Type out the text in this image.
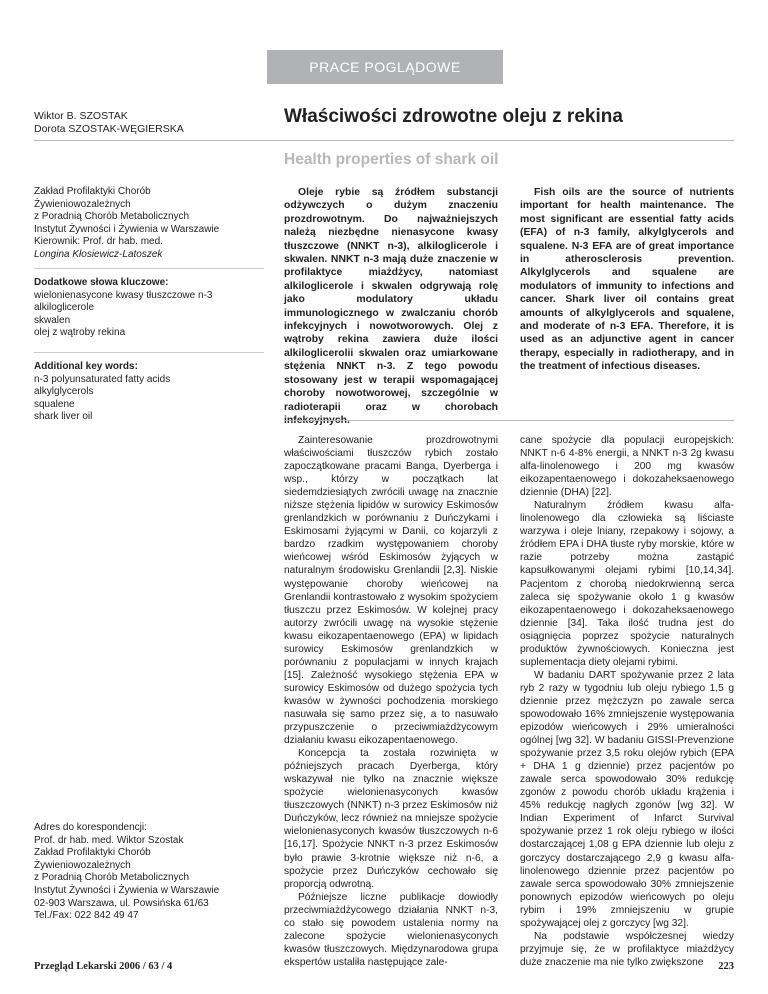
PRACE POGLĄDOWE
Wiktor B. SZOSTAK
Dorota SZOSTAK-WĘGIERSKA
Właściwości zdrowotne oleju z rekina
Health properties of shark oil
Zakład Profilaktyki Chorób
Żywieniowozależnych
z Poradnią Chorób Metabolicznych
Instytut Żywności i Żywienia w Warszawie
Kierownik: Prof. dr hab. med.
Longina Kłosiewicz-Latoszek
Dodatkowe słowa kluczowe:
wielonienasycone kwasy tłuszczowe n-3
alkiloglicerole
skwalen
olej z wątroby rekina
Additional key words:
n-3 polyunsaturated fatty acids
alkylglycerols
squalene
shark liver oil
Adres do korespondencji:
Prof. dr hab. med. Wiktor Szostak
Zakład Profilaktyki Chorób
Żywieniowozależnych
z Poradnią Chorób Metabolicznych
Instytut Żywności i Żywienia w Warszawie
02-903 Warszawa, ul. Powsińska 61/63
Tel./Fax: 022 842 49 47

Oleje rybie są źródłem substancji odżywczych o dużym znaczeniu prozdrowotnym. Do najważniejszych należą niezbędne nienasycone kwasy tłuszczowe (NNKT n-3), alkiloglicerole i skwalen. NNKT n-3 mają duże znaczenie w profilaktyce miażdżycy, natomiast alkiloglicerole i skwalen odgrywają rolę jako modulatory układu immunologicznego w zwalczaniu chorób infekcyjnych i nowotworowych. Olej z wątroby rekina zawiera duże ilości alkiloglicerolii skwalen oraz umiarkowane stężenia NNKT n-3. Z tego powodu stosowany jest w terapii wspomagającej choroby nowotworowej, szczególnie w radioterapii oraz w chorobach infekcyjnych.

Fish oils are the source of nutrients important for health maintenance. The most significant are essential fatty acids (EFA) of n-3 family, alkylglycerols and squalene. N-3 EFA are of great importance in atherosclerosis prevention. Alkylglycerols and squalene are modulators of immunity to infections and cancer. Shark liver oil contains great amounts of alkylglycerols and squalene, and moderate of n-3 EFA. Therefore, it is used as an adjunctive agent in cancer therapy, especially in radiotherapy, and in the treatment of infectious diseases.

Zainteresowanie prozdrowotnymi właściwościami tłuszczów rybich zostało zapoczątkowane pracami Banga, Dyerberga i wsp., którzy w początkach lat siedemdziesiątych zwrócili uwagę na znacznie niższe stężenia lipidów w surowicy Eskimosów grenlandzkich w porównaniu z Duńczykami i Eskimosami żyjącymi w Danii, co kojarzyli z bardzo rzadkim występowaniem choroby wieńcowej wśród Eskimosów żyjących w naturalnym środowisku Grenlandii [2,3]. Niskie występowanie choroby wieńcowej na Grenlandii kontrastowało z wysokim spożyciem tłuszczu przez Eskimosów. W kolejnej pracy autorzy zwrócili uwagę na wysokie stężenie kwasu eikozapentaenowego (EPA) w lipidach surowicy Eskimosów grenlandzkich w porównaniu z populacjami w innych krajach [15]. Zależność wysokiego stężenia EPA w surowicy Eskimosów od dużego spożycia tych kwasów w żywności pochodzenia morskiego nasuwała się samo przez się, a to nasuwało przypuszczenie o przeciwmiażdżycowym działaniu kwasu eikozapentaenowego.

Koncepcja ta została rozwinięta w późniejszych pracach Dyerberga, który wskazywał nie tylko na znacznie większe spożycie wielonienasyconych kwasów tłuszczowych (NNKT) n-3 przez Eskimosów niż Duńczyków, lecz również na mniejsze spożycie wielonienasyconych kwasów tłuszczowych n-6 [16,17]. Spożycie NNKT n-3 przez Eskimosów było prawie 3-krotnie większe niż n-6, a spożycie przez Duńczyków cechowało się proporcją odwrotną.

Późniejsze liczne publikacje dowiodły przeciwmiażdżycowego działania NNKT n-3, co stało się powodem ustalenia normy na zalecone spożycie wielonienasyconych kwasów tłuszczowych. Międzynarodowa grupa ekspertów ustaliła następujące zale-

cane spożycie dla populacji europejskich: NNKT n-6 4-8% energii, a NNKT n-3 2g kwasu alfa-linolenowego i 200 mg kwasów eikozapentaenowego i dokozaheksaenowego dziennie (DHA) [22].

Naturalnym źródłem kwasu alfa-linolenowego dla człowieka są liściaste warzywa i oleje lniany, rzepakowy i sojowy, a źródłem EPA i DHA tłuste ryby morskie, które w razie potrzeby można zastąpić kapsułkowanymi olejami rybimi [10,14,34]. Pacjentom z chorobą niedokrwienną serca zaleca się spożywanie około 1 g kwasów eikozapentaenowego i dokozaheksaenowego dziennie [34]. Taka ilość trudna jest do osiągnięcia poprzez spożycie naturalnych produktów żywnościowych. Konieczna jest suplementacja diety olejami rybimi.

W badaniu DART spożywanie przez 2 lata ryb 2 razy w tygodniu lub oleju rybiego 1,5 g dziennie przez mężczyzn po zawale serca spowodowało 16% zmniejszenie występowania epizodów wieńcowych i 29% umieralności ogólnej [wg 32]. W badaniu GISSI-Prevenzione spożywanie przez 3,5 roku olejów rybich (EPA + DHA 1 g dziennie) przez pacjentów po zawale serca spowodowało 30% redukcję zgonów z powodu chorób układu krążenia i 45% redukcję nagłych zgonów [wg 32]. W Indian Experiment of Infarct Survival spożywanie przez 1 rok oleju rybiego w ilości dostarczającej 1,08 g EPA dziennie lub oleju z gorczycy dostarczającego 2,9 g kwasu alfa-linolenowego dziennie przez pacjentów po zawale serca spowodowało 30% zmniejszenie ponownych epizodów wieńcowych po oleju rybim i 19% zmniejszeniu w grupie spożywającej olej z gorczycy [wg 32].

Na podstawie współczesnej wiedzy przyjmuje się, że w profilaktyce miażdżycy duże znaczenie ma nie tylko zwiększone

Przegląd Lekarski 2006 / 63 / 4	223
